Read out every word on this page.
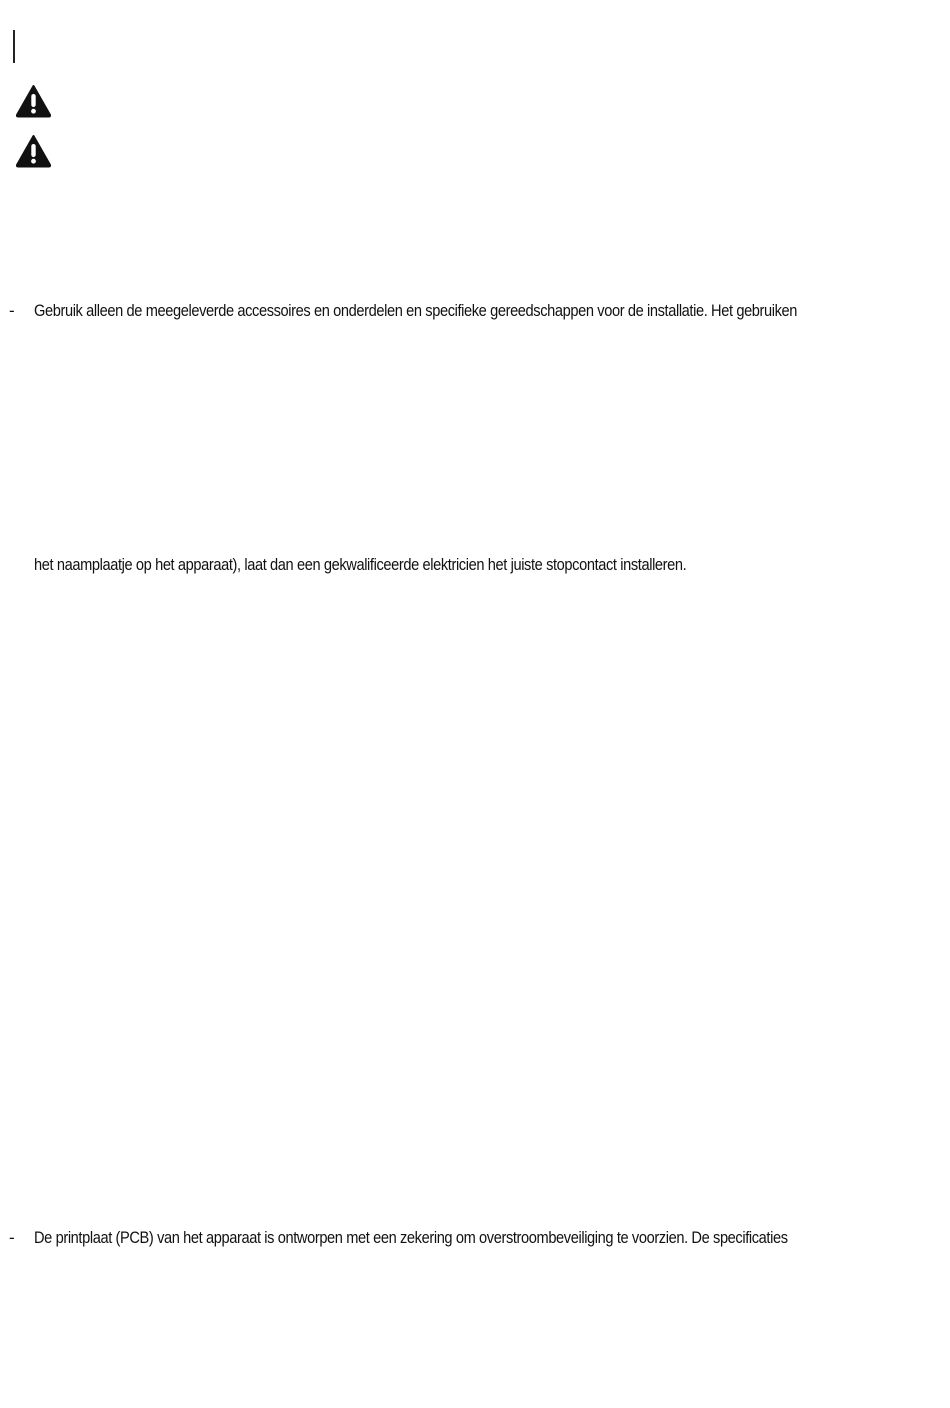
- Gebruik alleen de meegeleverde accessoires en onderdelen en specifieke gereedschappen voor de installatie. Het gebruiken
het naamplaatje op het apparaat), laat dan een gekwalificeerde elektricien het juiste stopcontact installeren.
- De printplaat (PCB) van het apparaat is ontworpen met een zekering om overstroombeveiliging te voorzien. De specificaties
